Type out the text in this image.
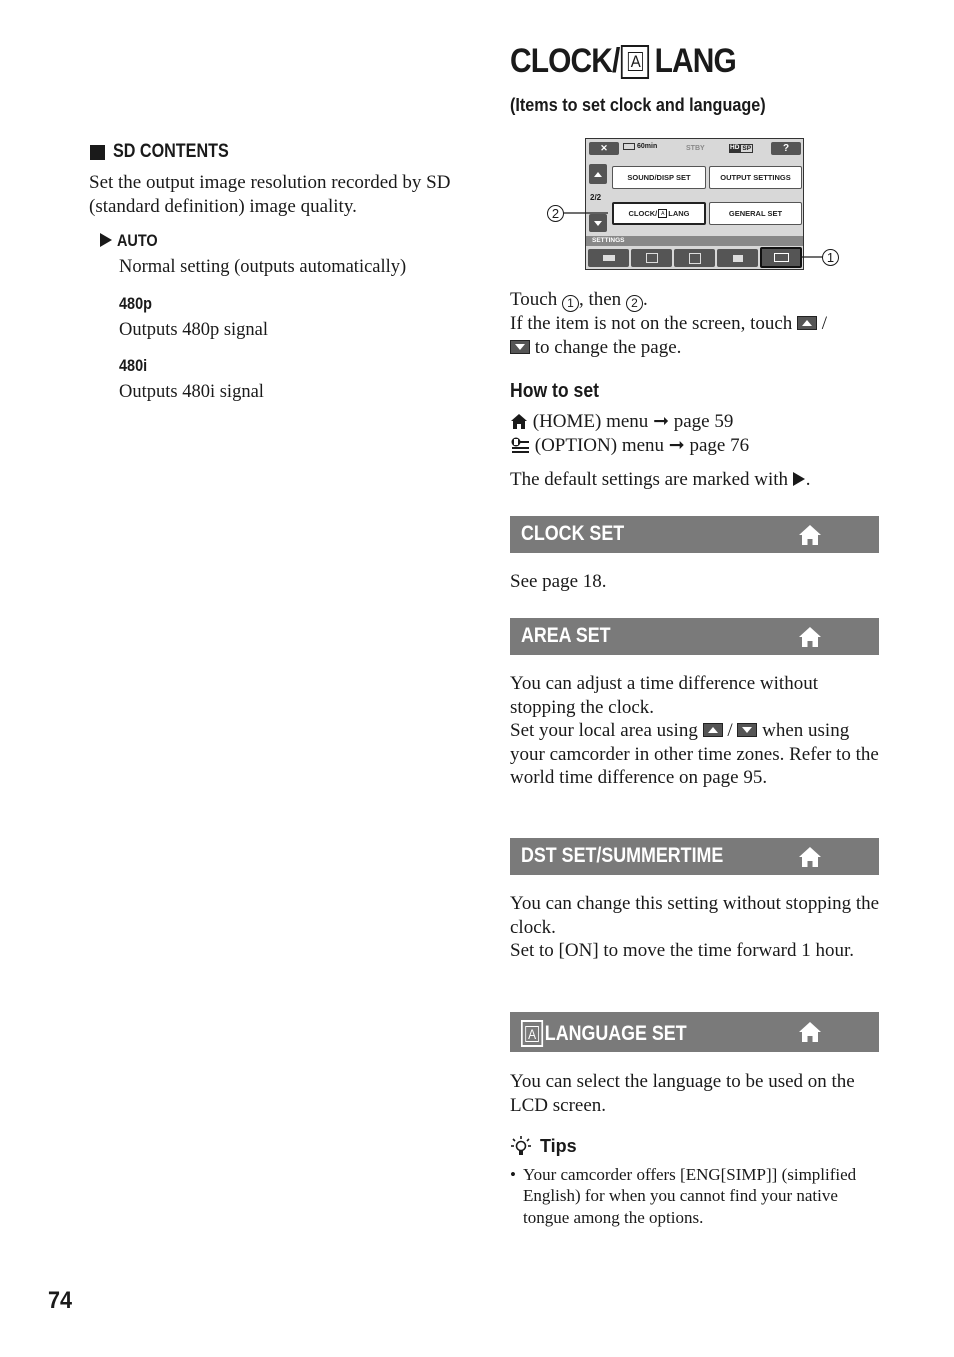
SD CONTENTS
Set the output image resolution recorded by SD (standard definition) image quality.
AUTO
Normal setting (outputs automatically)
480p
Outputs 480p signal
480i
Outputs 480i signal
CLOCK/ A LANG
(Items to set clock and language)
✕	60min	STBY	HD SP	?
2/2
SOUND/DISP SET	OUTPUT SETTINGS
CLOCK/ A LANG	GENERAL SET
SETTINGS
2
1
Touch 1 , then 2 .
If the item is not on the screen, touch  /
to change the page.
How to set
(HOME) menu ➞ page 59
(OPTION) menu ➞ page 76
The default settings are marked with .
CLOCK SET
See page 18.
AREA SET
You can adjust a time difference without stopping the clock.
Set your local area using  /  when using your camcorder in other time zones. Refer to the world time difference on page 95.
DST SET/SUMMERTIME
You can change this setting without stopping the clock.
Set to [ON] to move the time forward 1 hour.
A LANGUAGE SET
You can select the language to be used on the LCD screen.
Tips
• Your camcorder offers [ENG[SIMP]] (simplified English) for when you cannot find your native tongue among the options.
74
